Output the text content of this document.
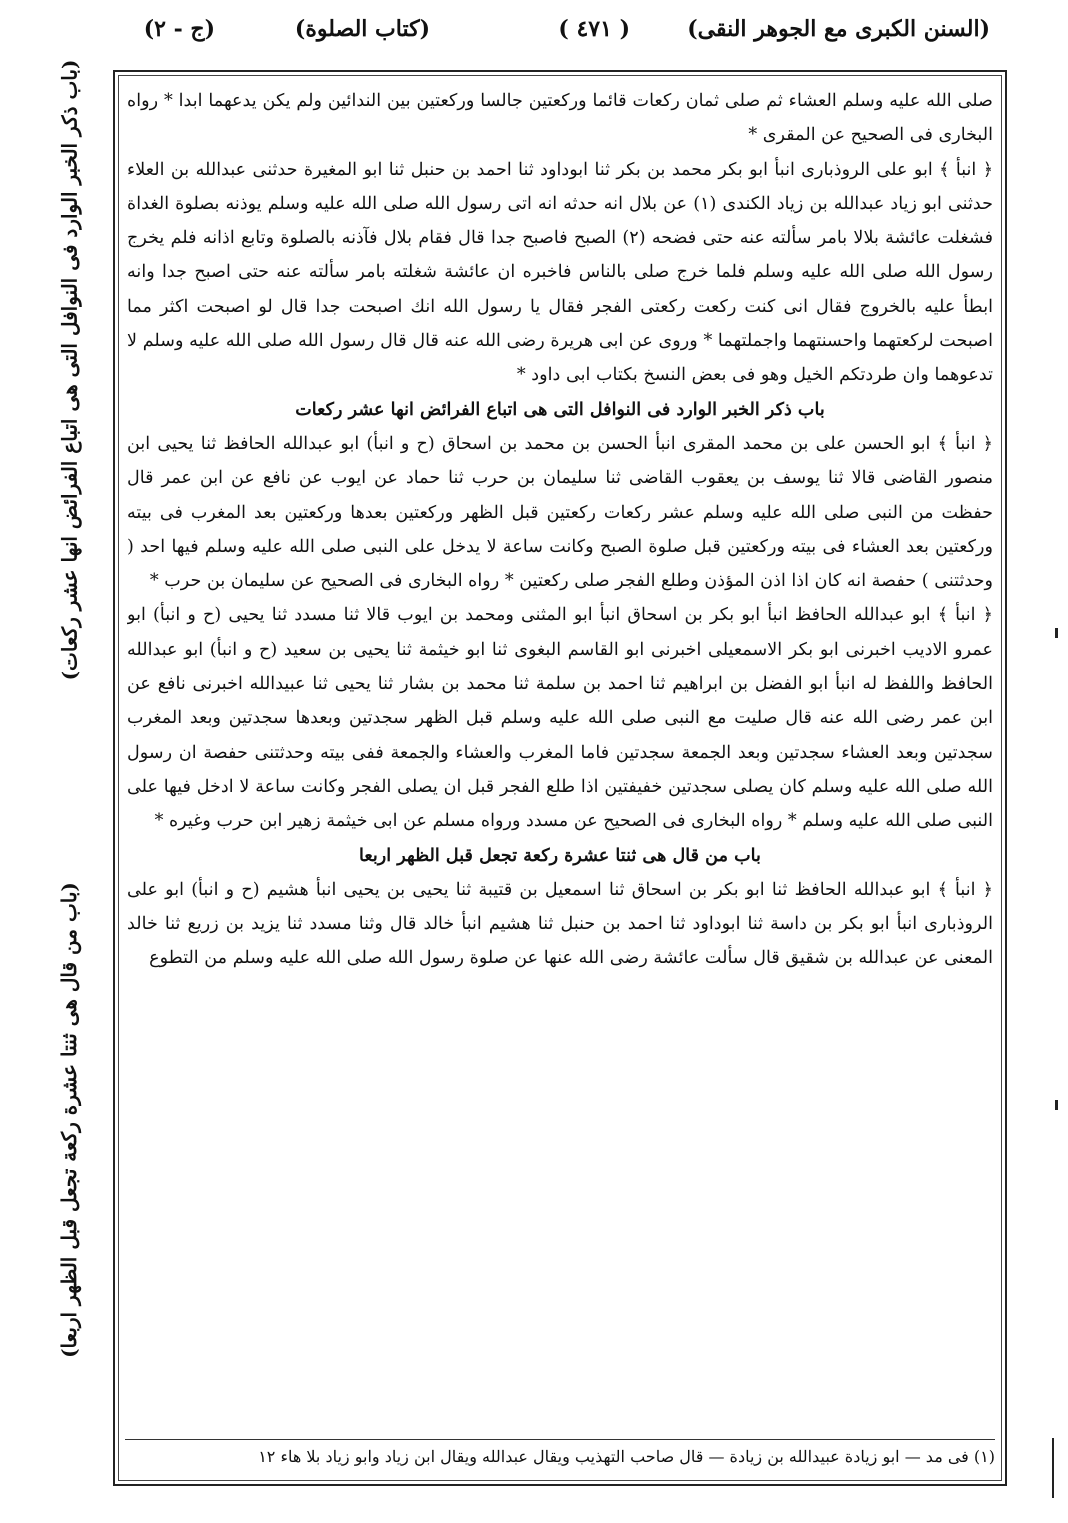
(السنن الكبرى مع الجوهر النقى)
( ٤٧١ )
(كتاب الصلوة)
(ج - ٢)
(باب ذكر الخبر الوارد فى النوافل التى هى اتباع الفرائض انها عشر ركعات)
(باب من قال هى ثنتا عشرة ركعة تجعل قبل الظهر اربعا)

صلى الله عليه وسلم العشاء ثم صلى ثمان ركعات قائما وركعتين جالسا وركعتين بين الندائين ولم يكن يدعهما ابدا * رواه البخارى فى الصحيح عن المقرى *

﴿ انبأ ﴾ ابو على الروذبارى انبأ ابو بكر محمد بن بكر ثنا ابوداود ثنا احمد بن حنبل ثنا ابو المغيرة حدثنى عبدالله بن العلاء حدثنى ابو زياد عبدالله بن زياد الكندى (١) عن بلال انه حدثه انه اتى رسول الله صلى الله عليه وسلم يوذنه بصلوة الغداة فشغلت عائشة بلالا بامر سألته عنه حتى فضحه (٢) الصبح فاصبح جدا قال فقام بلال فآذنه بالصلوة وتابع اذانه فلم يخرج رسول الله صلى الله عليه وسلم فلما خرج صلى بالناس فاخبره ان عائشة شغلته بامر سألته عنه حتى اصبح جدا وانه ابطأ عليه بالخروج فقال انى كنت ركعت ركعتى الفجر فقال يا رسول الله انك اصبحت جدا قال لو اصبحت اكثر مما اصبحت لركعتهما واحسنتهما واجملتهما * وروى عن ابى هريرة رضى الله عنه قال قال رسول الله صلى الله عليه وسلم لا تدعوهما وان طردتكم الخيل وهو فى بعض النسخ بكتاب ابى داود *

باب ذكر الخبر الوارد فى النوافل التى هى اتباع الفرائض انها عشر ركعات

﴿ انبأ ﴾ ابو الحسن على بن محمد المقرى انبأ الحسن بن محمد بن اسحاق (ح و انبأ) ابو عبدالله الحافظ ثنا يحيى ابن منصور القاضى قالا ثنا يوسف بن يعقوب القاضى ثنا سليمان بن حرب ثنا حماد عن ايوب عن نافع عن ابن عمر قال حفظت من النبى صلى الله عليه وسلم عشر ركعات ركعتين قبل الظهر وركعتين بعدها وركعتين بعد المغرب فى بيته وركعتين بعد العشاء فى بيته وركعتين قبل صلوة الصبح وكانت ساعة لا يدخل على النبى صلى الله عليه وسلم فيها احد ( وحدثتنى ) حفصة انه كان اذا اذن المؤذن وطلع الفجر صلى ركعتين * رواه البخارى فى الصحيح عن سليمان بن حرب *

﴿ انبأ ﴾ ابو عبدالله الحافظ انبأ ابو بكر بن اسحاق انبأ ابو المثنى ومحمد بن ايوب قالا ثنا مسدد ثنا يحيى (ح و انبأ) ابو عمرو الاديب اخبرنى ابو بكر الاسمعيلى اخبرنى ابو القاسم البغوى ثنا ابو خيثمة ثنا يحيى بن سعيد (ح و انبأ) ابو عبدالله الحافظ واللفظ له انبأ ابو الفضل بن ابراهيم ثنا احمد بن سلمة ثنا محمد بن بشار ثنا يحيى ثنا عبيدالله اخبرنى نافع عن ابن عمر رضى الله عنه قال صليت مع النبى صلى الله عليه وسلم قبل الظهر سجدتين وبعدها سجدتين وبعد المغرب سجدتين وبعد العشاء سجدتين وبعد الجمعة سجدتين فاما المغرب والعشاء والجمعة ففى بيته وحدثتنى حفصة ان رسول الله صلى الله عليه وسلم كان يصلى سجدتين خفيفتين اذا طلع الفجر قبل ان يصلى الفجر وكانت ساعة لا ادخل فيها على النبى صلى الله عليه وسلم * رواه البخارى فى الصحيح عن مسدد ورواه مسلم عن ابى خيثمة زهير ابن حرب وغيره *

باب من قال هى ثنتا عشرة ركعة تجعل قبل الظهر اربعا

﴿ انبأ ﴾ ابو عبدالله الحافظ ثنا ابو بكر بن اسحاق ثنا اسمعيل بن قتيبة ثنا يحيى بن يحيى انبأ هشيم (ح و انبأ) ابو على الروذبارى انبأ ابو بكر بن داسة ثنا ابوداود ثنا احمد بن حنبل ثنا هشيم انبأ خالد قال وثنا مسدد ثنا يزيد بن زريع ثنا خالد المعنى عن عبدالله بن شقيق قال سألت عائشة رضى الله عنها عن صلوة رسول الله صلى الله عليه وسلم من التطوع

(١) فى مد — ابو زيادة عبيدالله بن زيادة — قال صاحب التهذيب ويقال عبدالله ويقال ابن زياد وابو زياد بلا هاء ١٢
